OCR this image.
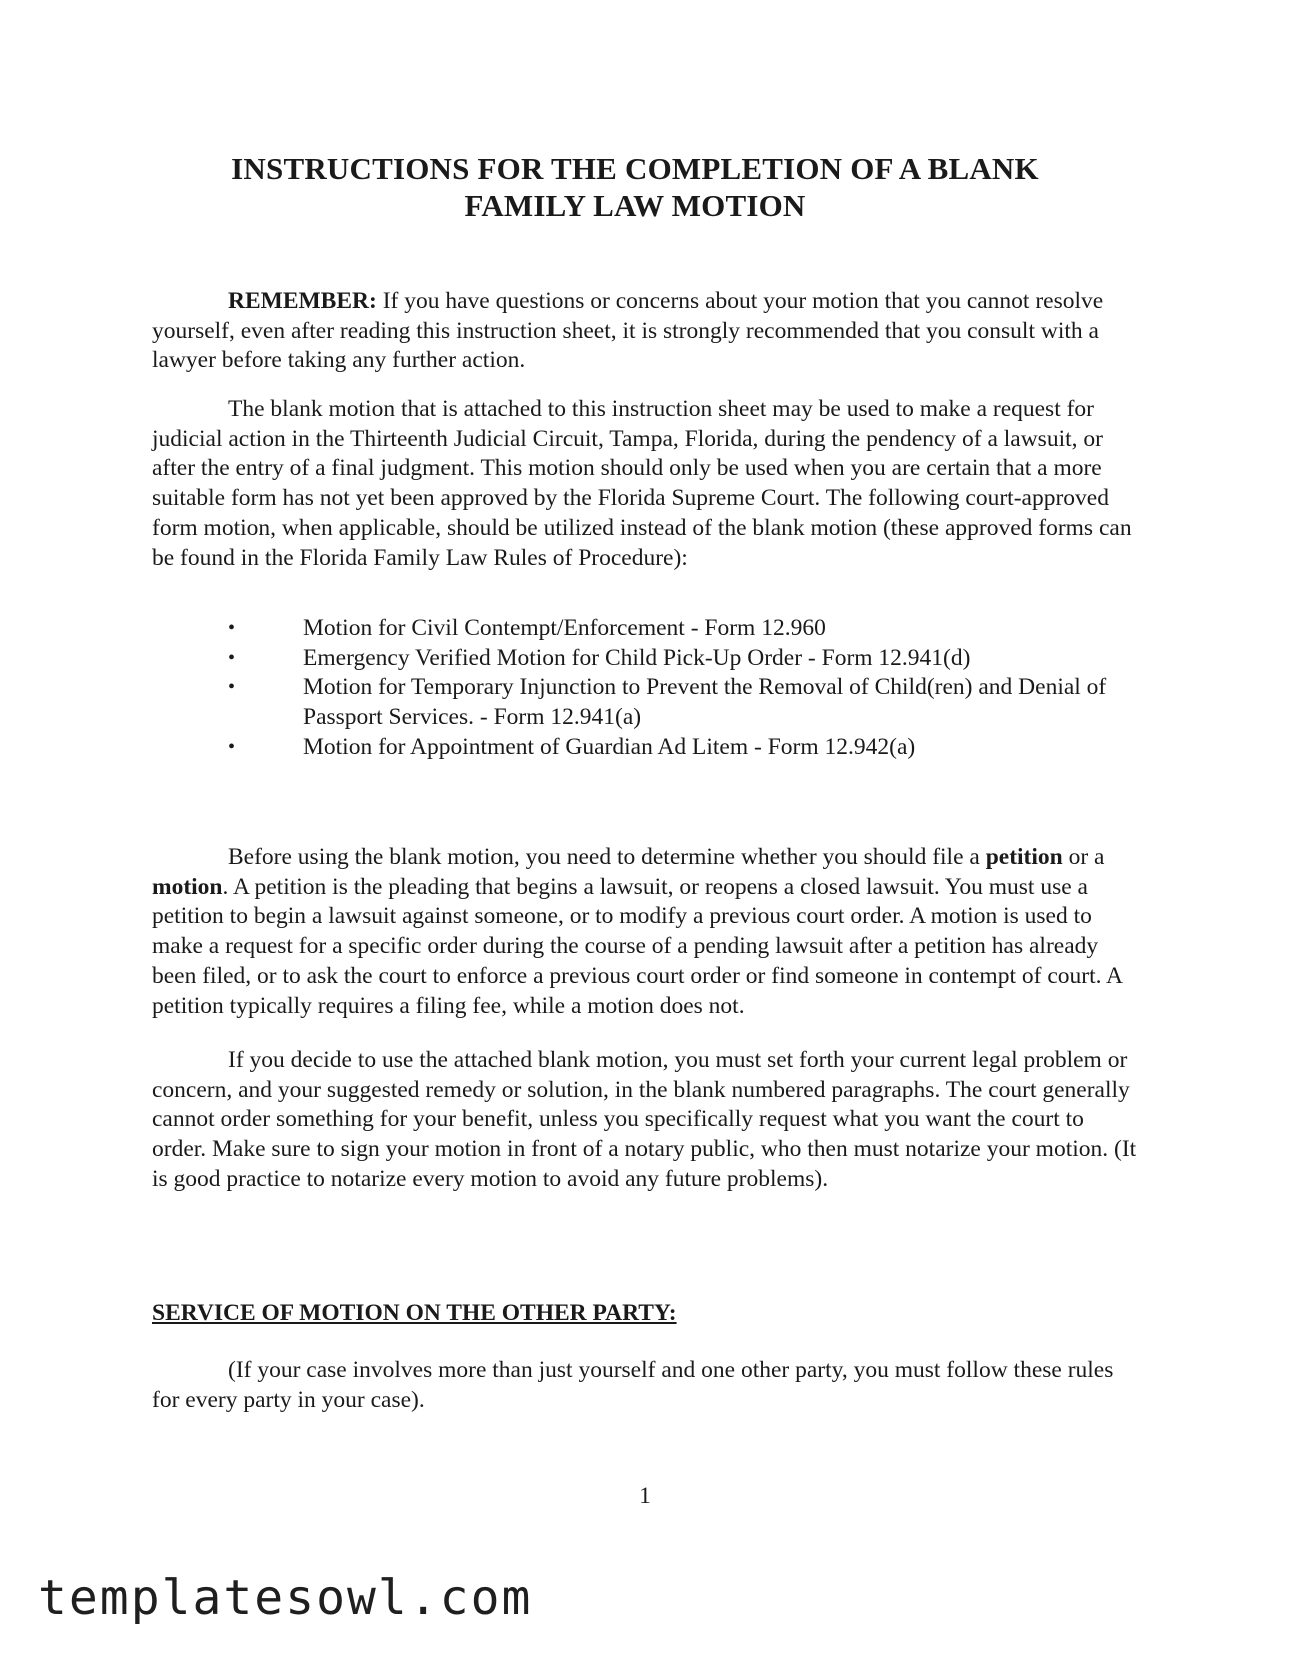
INSTRUCTIONS FOR THE COMPLETION OF A BLANK
FAMILY LAW MOTION

REMEMBER: If you have questions or concerns about your motion that you cannot resolve yourself, even after reading this instruction sheet, it is strongly recommended that you consult with a lawyer before taking any further action.

The blank motion that is attached to this instruction sheet may be used to make a request for judicial action in the Thirteenth Judicial Circuit, Tampa, Florida, during the pendency of a lawsuit, or after the entry of a final judgment. This motion should only be used when you are certain that a more suitable form has not yet been approved by the Florida Supreme Court. The following court-approved form motion, when applicable, should be utilized instead of the blank motion (these approved forms can be found in the Florida Family Law Rules of Procedure):

•	Motion for Civil Contempt/Enforcement - Form 12.960
•	Emergency Verified Motion for Child Pick-Up Order - Form 12.941(d)
•	Motion for Temporary Injunction to Prevent the Removal of Child(ren) and Denial of Passport Services. - Form 12.941(a)
•	Motion for Appointment of Guardian Ad Litem - Form 12.942(a)

Before using the blank motion, you need to determine whether you should file a petition or a motion. A petition is the pleading that begins a lawsuit, or reopens a closed lawsuit. You must use a petition to begin a lawsuit against someone, or to modify a previous court order. A motion is used to make a request for a specific order during the course of a pending lawsuit after a petition has already been filed, or to ask the court to enforce a previous court order or find someone in contempt of court. A petition typically requires a filing fee, while a motion does not.

If you decide to use the attached blank motion, you must set forth your current legal problem or concern, and your suggested remedy or solution, in the blank numbered paragraphs. The court generally cannot order something for your benefit, unless you specifically request what you want the court to order. Make sure to sign your motion in front of a notary public, who then must notarize your motion. (It is good practice to notarize every motion to avoid any future problems).

SERVICE OF MOTION ON THE OTHER PARTY:

(If your case involves more than just yourself and one other party, you must follow these rules for every party in your case).

1
templatesowl.com
